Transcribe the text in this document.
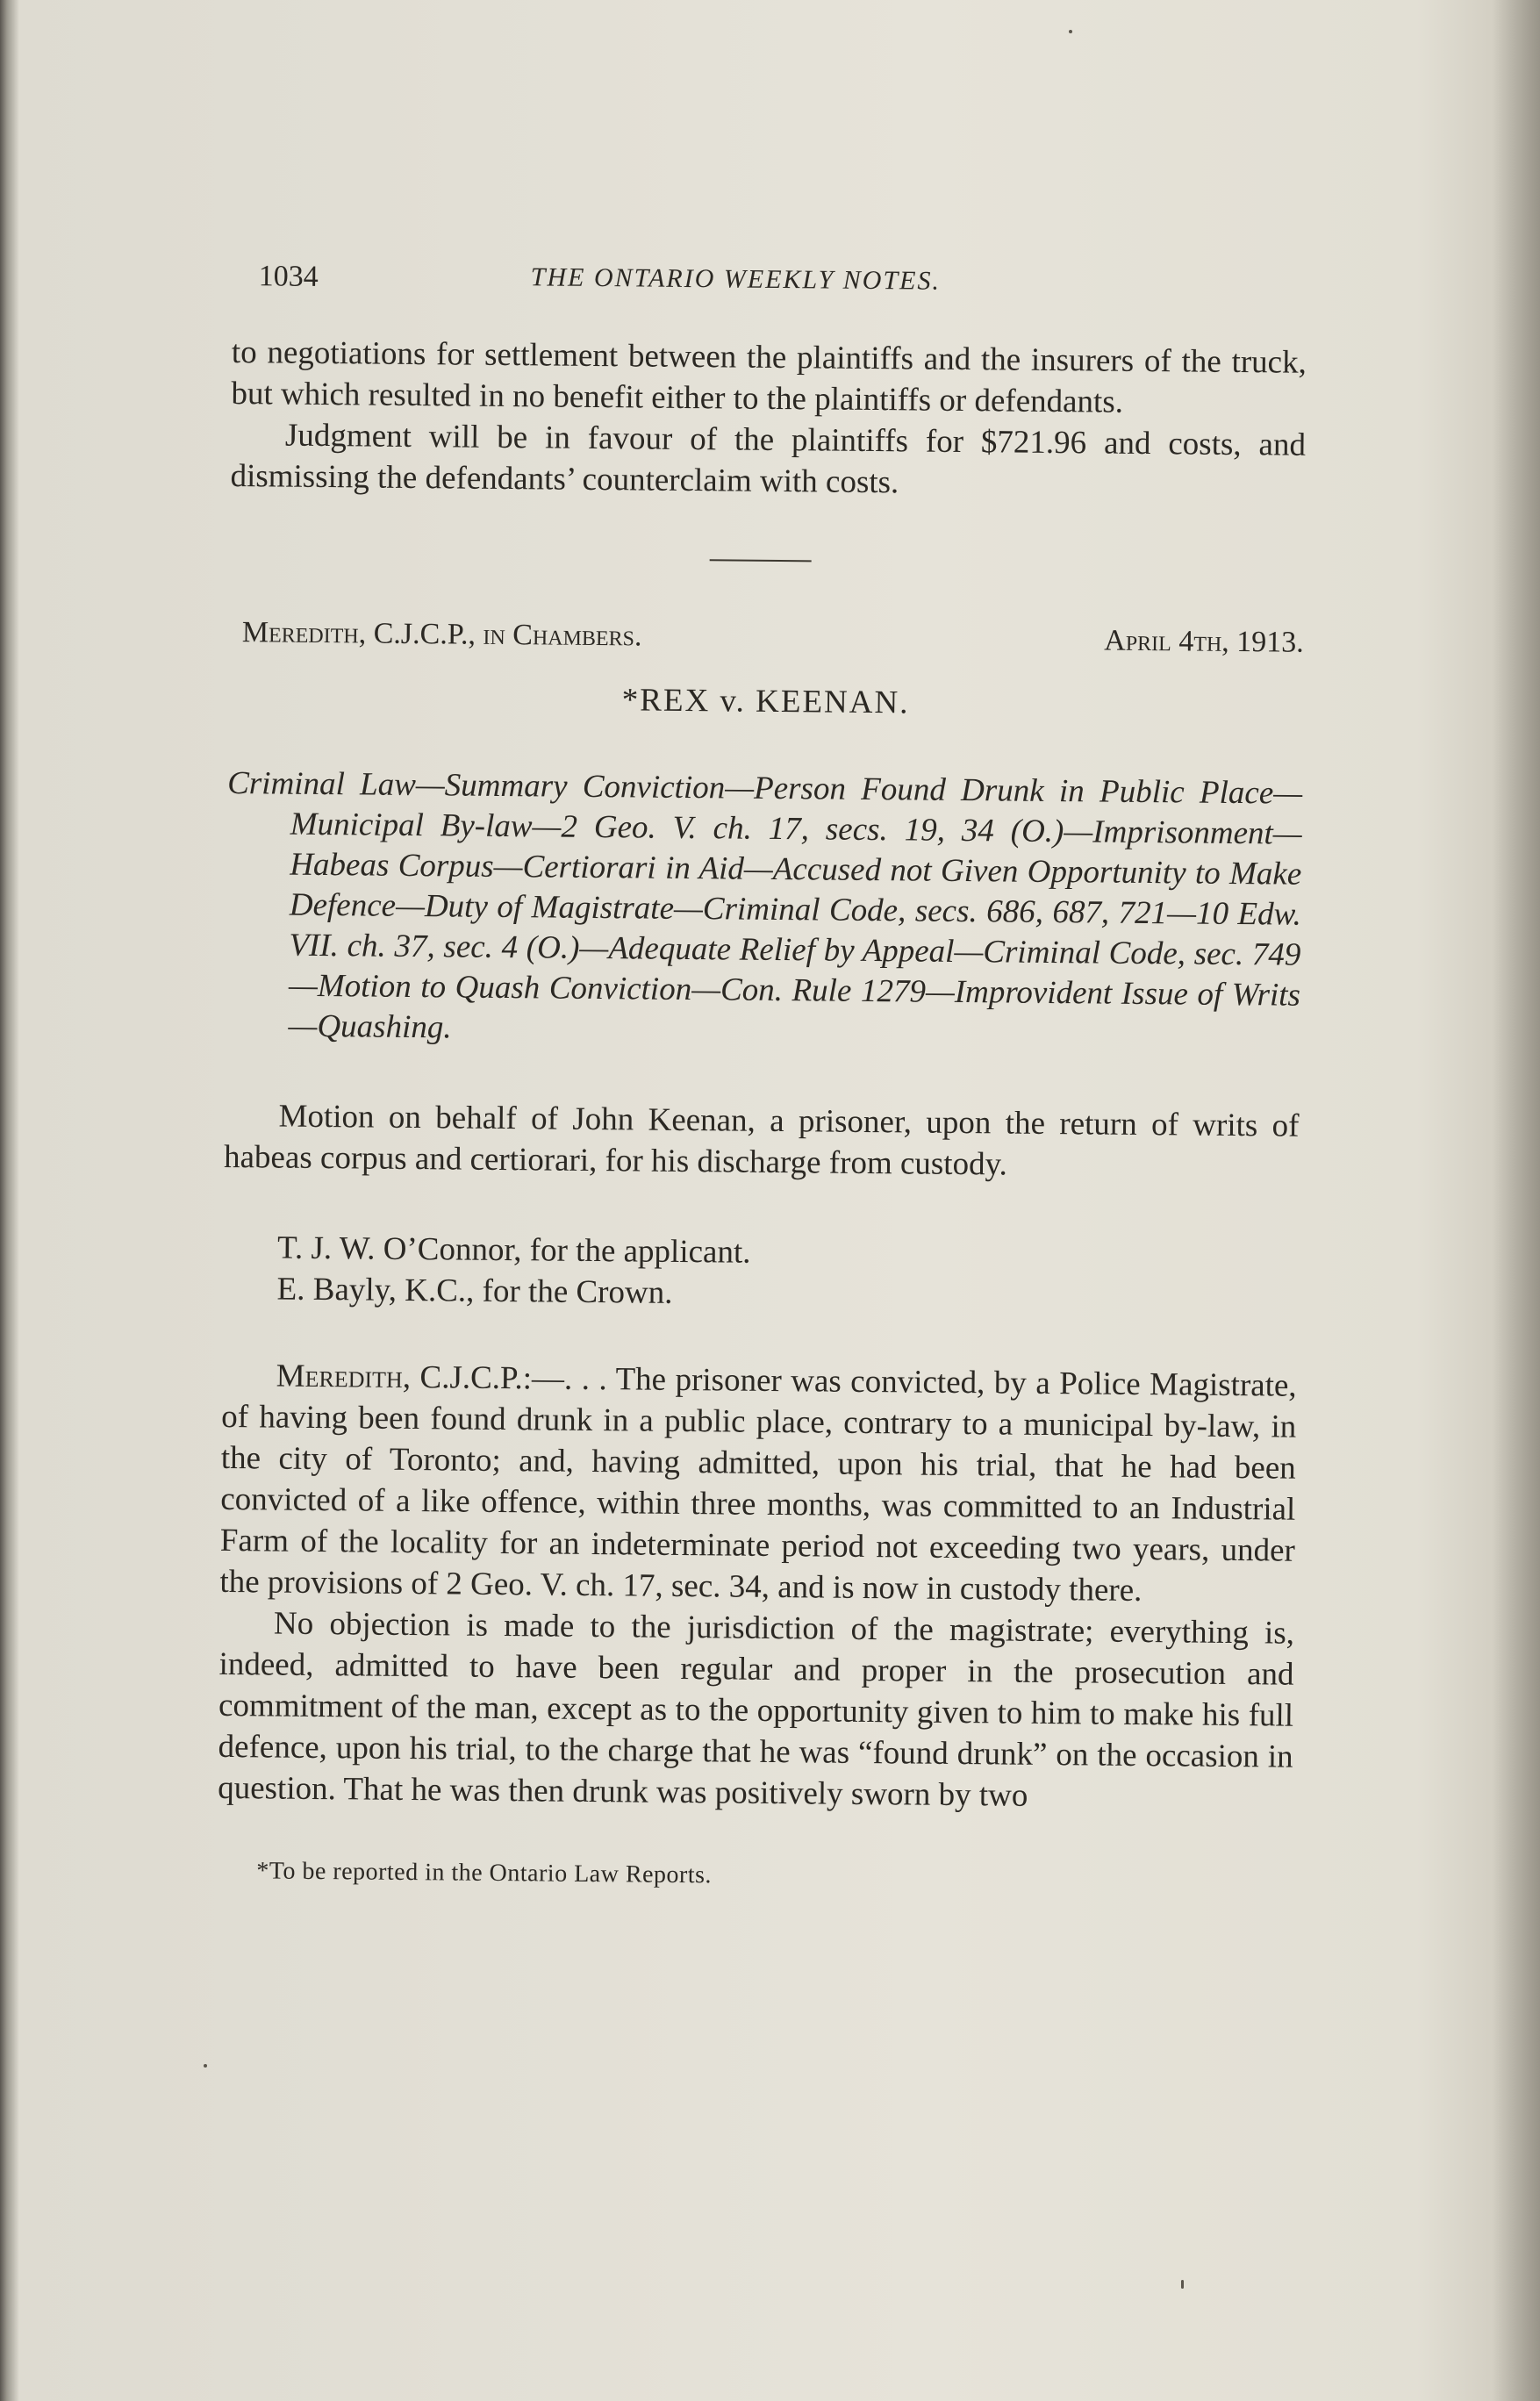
1034	THE ONTARIO WEEKLY NOTES.

to negotiations for settlement between the plaintiffs and the insurers of the truck, but which resulted in no benefit either to the plaintiffs or defendants.

Judgment will be in favour of the plaintiffs for $721.96 and costs, and dismissing the defendants’ counterclaim with costs.

Meredith, C.J.C.P., in Chambers.	April 4th, 1913.
*REX v. KEENAN.

Criminal Law—Summary Conviction—Person Found Drunk in Public Place—Municipal By-law—2 Geo. V. ch. 17, secs. 19, 34 (O.)—Imprisonment—Habeas Corpus—Certiorari in Aid—Accused not Given Opportunity to Make Defence—Duty of Magistrate—Criminal Code, secs. 686, 687, 721—10 Edw. VII. ch. 37, sec. 4 (O.)—Adequate Relief by Appeal—Criminal Code, sec. 749—Motion to Quash Conviction—Con. Rule 1279—Improvident Issue of Writs—Quashing.

Motion on behalf of John Keenan, a prisoner, upon the return of writs of habeas corpus and certiorari, for his discharge from custody.

T. J. W. O’Connor, for the applicant.
E. Bayly, K.C., for the Crown.

Meredith, C.J.C.P.:—. . . The prisoner was convicted, by a Police Magistrate, of having been found drunk in a public place, contrary to a municipal by-law, in the city of Toronto; and, having admitted, upon his trial, that he had been convicted of a like offence, within three months, was committed to an Industrial Farm of the locality for an indeterminate period not exceeding two years, under the provisions of 2 Geo. V. ch. 17, sec. 34, and is now in custody there.

No objection is made to the jurisdiction of the magistrate; everything is, indeed, admitted to have been regular and proper in the prosecution and commitment of the man, except as to the opportunity given to him to make his full defence, upon his trial, to the charge that he was “found drunk” on the occasion in question. That he was then drunk was positively sworn by two

*To be reported in the Ontario Law Reports.
